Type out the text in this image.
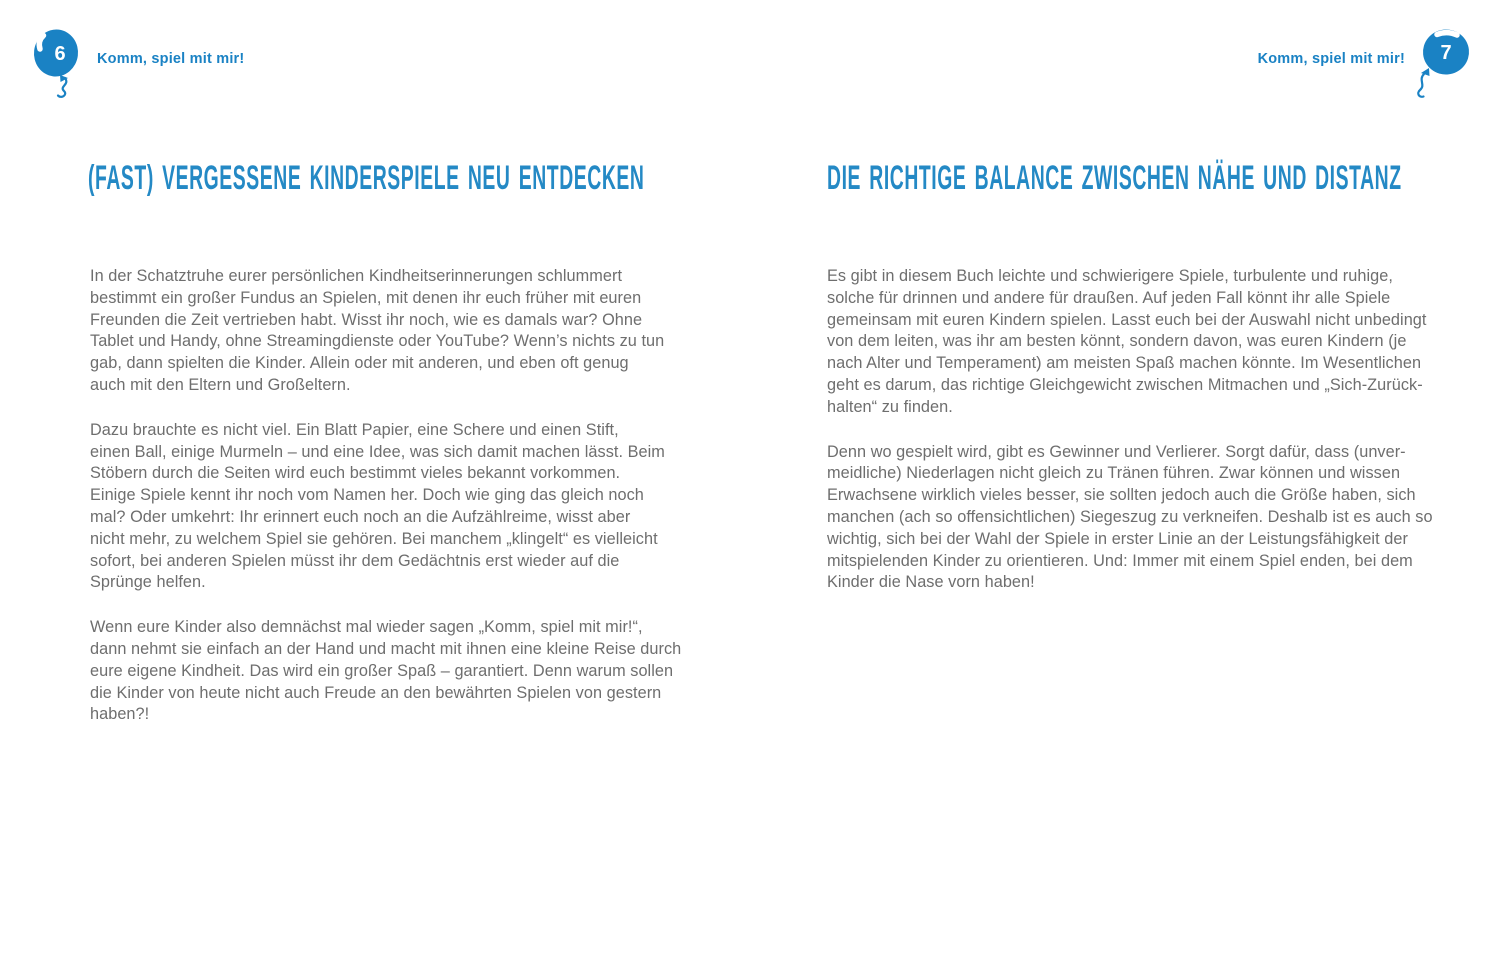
6 Komm, spiel mit mir!	Komm, spiel mit mir! 7
(FAST) VERGESSENE KINDERSPIELE NEU ENTDECKEN
In der Schatztruhe eurer persönlichen Kindheitserinnerungen schlummert
bestimmt ein großer Fundus an Spielen, mit denen ihr euch früher mit euren
Freunden die Zeit vertrieben habt. Wisst ihr noch, wie es damals war? Ohne
Tablet und Handy, ohne Streamingdienste oder YouTube? Wenn’s nichts zu tun
gab, dann spielten die Kinder. Allein oder mit anderen, und eben oft genug
auch mit den Eltern und Großeltern.
Dazu brauchte es nicht viel. Ein Blatt Papier, eine Schere und einen Stift,
einen Ball, einige Murmeln – und eine Idee, was sich damit machen lässt. Beim
Stöbern durch die Seiten wird euch bestimmt vieles bekannt vorkommen.
Einige Spiele kennt ihr noch vom Namen her. Doch wie ging das gleich noch
mal? Oder umkehrt: Ihr erinnert euch noch an die Aufzählreime, wisst aber
nicht mehr, zu welchem Spiel sie gehören. Bei manchem „klingelt“ es vielleicht
sofort, bei anderen Spielen müsst ihr dem Gedächtnis erst wieder auf die
Sprünge helfen.
Wenn eure Kinder also demnächst mal wieder sagen „Komm, spiel mit mir!“,
dann nehmt sie einfach an der Hand und macht mit ihnen eine kleine Reise durch
eure eigene Kindheit. Das wird ein großer Spaß – garantiert. Denn warum sollen
die Kinder von heute nicht auch Freude an den bewährten Spielen von gestern
haben?!
DIE RICHTIGE BALANCE ZWISCHEN NÄHE UND DISTANZ
Es gibt in diesem Buch leichte und schwierigere Spiele, turbulente und ruhige,
solche für drinnen und andere für draußen. Auf jeden Fall könnt ihr alle Spiele
gemeinsam mit euren Kindern spielen. Lasst euch bei der Auswahl nicht unbedingt
von dem leiten, was ihr am besten könnt, sondern davon, was euren Kindern (je
nach Alter und Temperament) am meisten Spaß machen könnte. Im Wesentlichen
geht es darum, das richtige Gleichgewicht zwischen Mitmachen und „Sich-Zurück-
halten“ zu finden.
Denn wo gespielt wird, gibt es Gewinner und Verlierer. Sorgt dafür, dass (unver-
meidliche) Niederlagen nicht gleich zu Tränen führen. Zwar können und wissen
Erwachsene wirklich vieles besser, sie sollten jedoch auch die Größe haben, sich
manchen (ach so offensichtlichen) Siegeszug zu verkneifen. Deshalb ist es auch so
wichtig, sich bei der Wahl der Spiele in erster Linie an der Leistungsfähigkeit der
mitspielenden Kinder zu orientieren. Und: Immer mit einem Spiel enden, bei dem
Kinder die Nase vorn haben!
